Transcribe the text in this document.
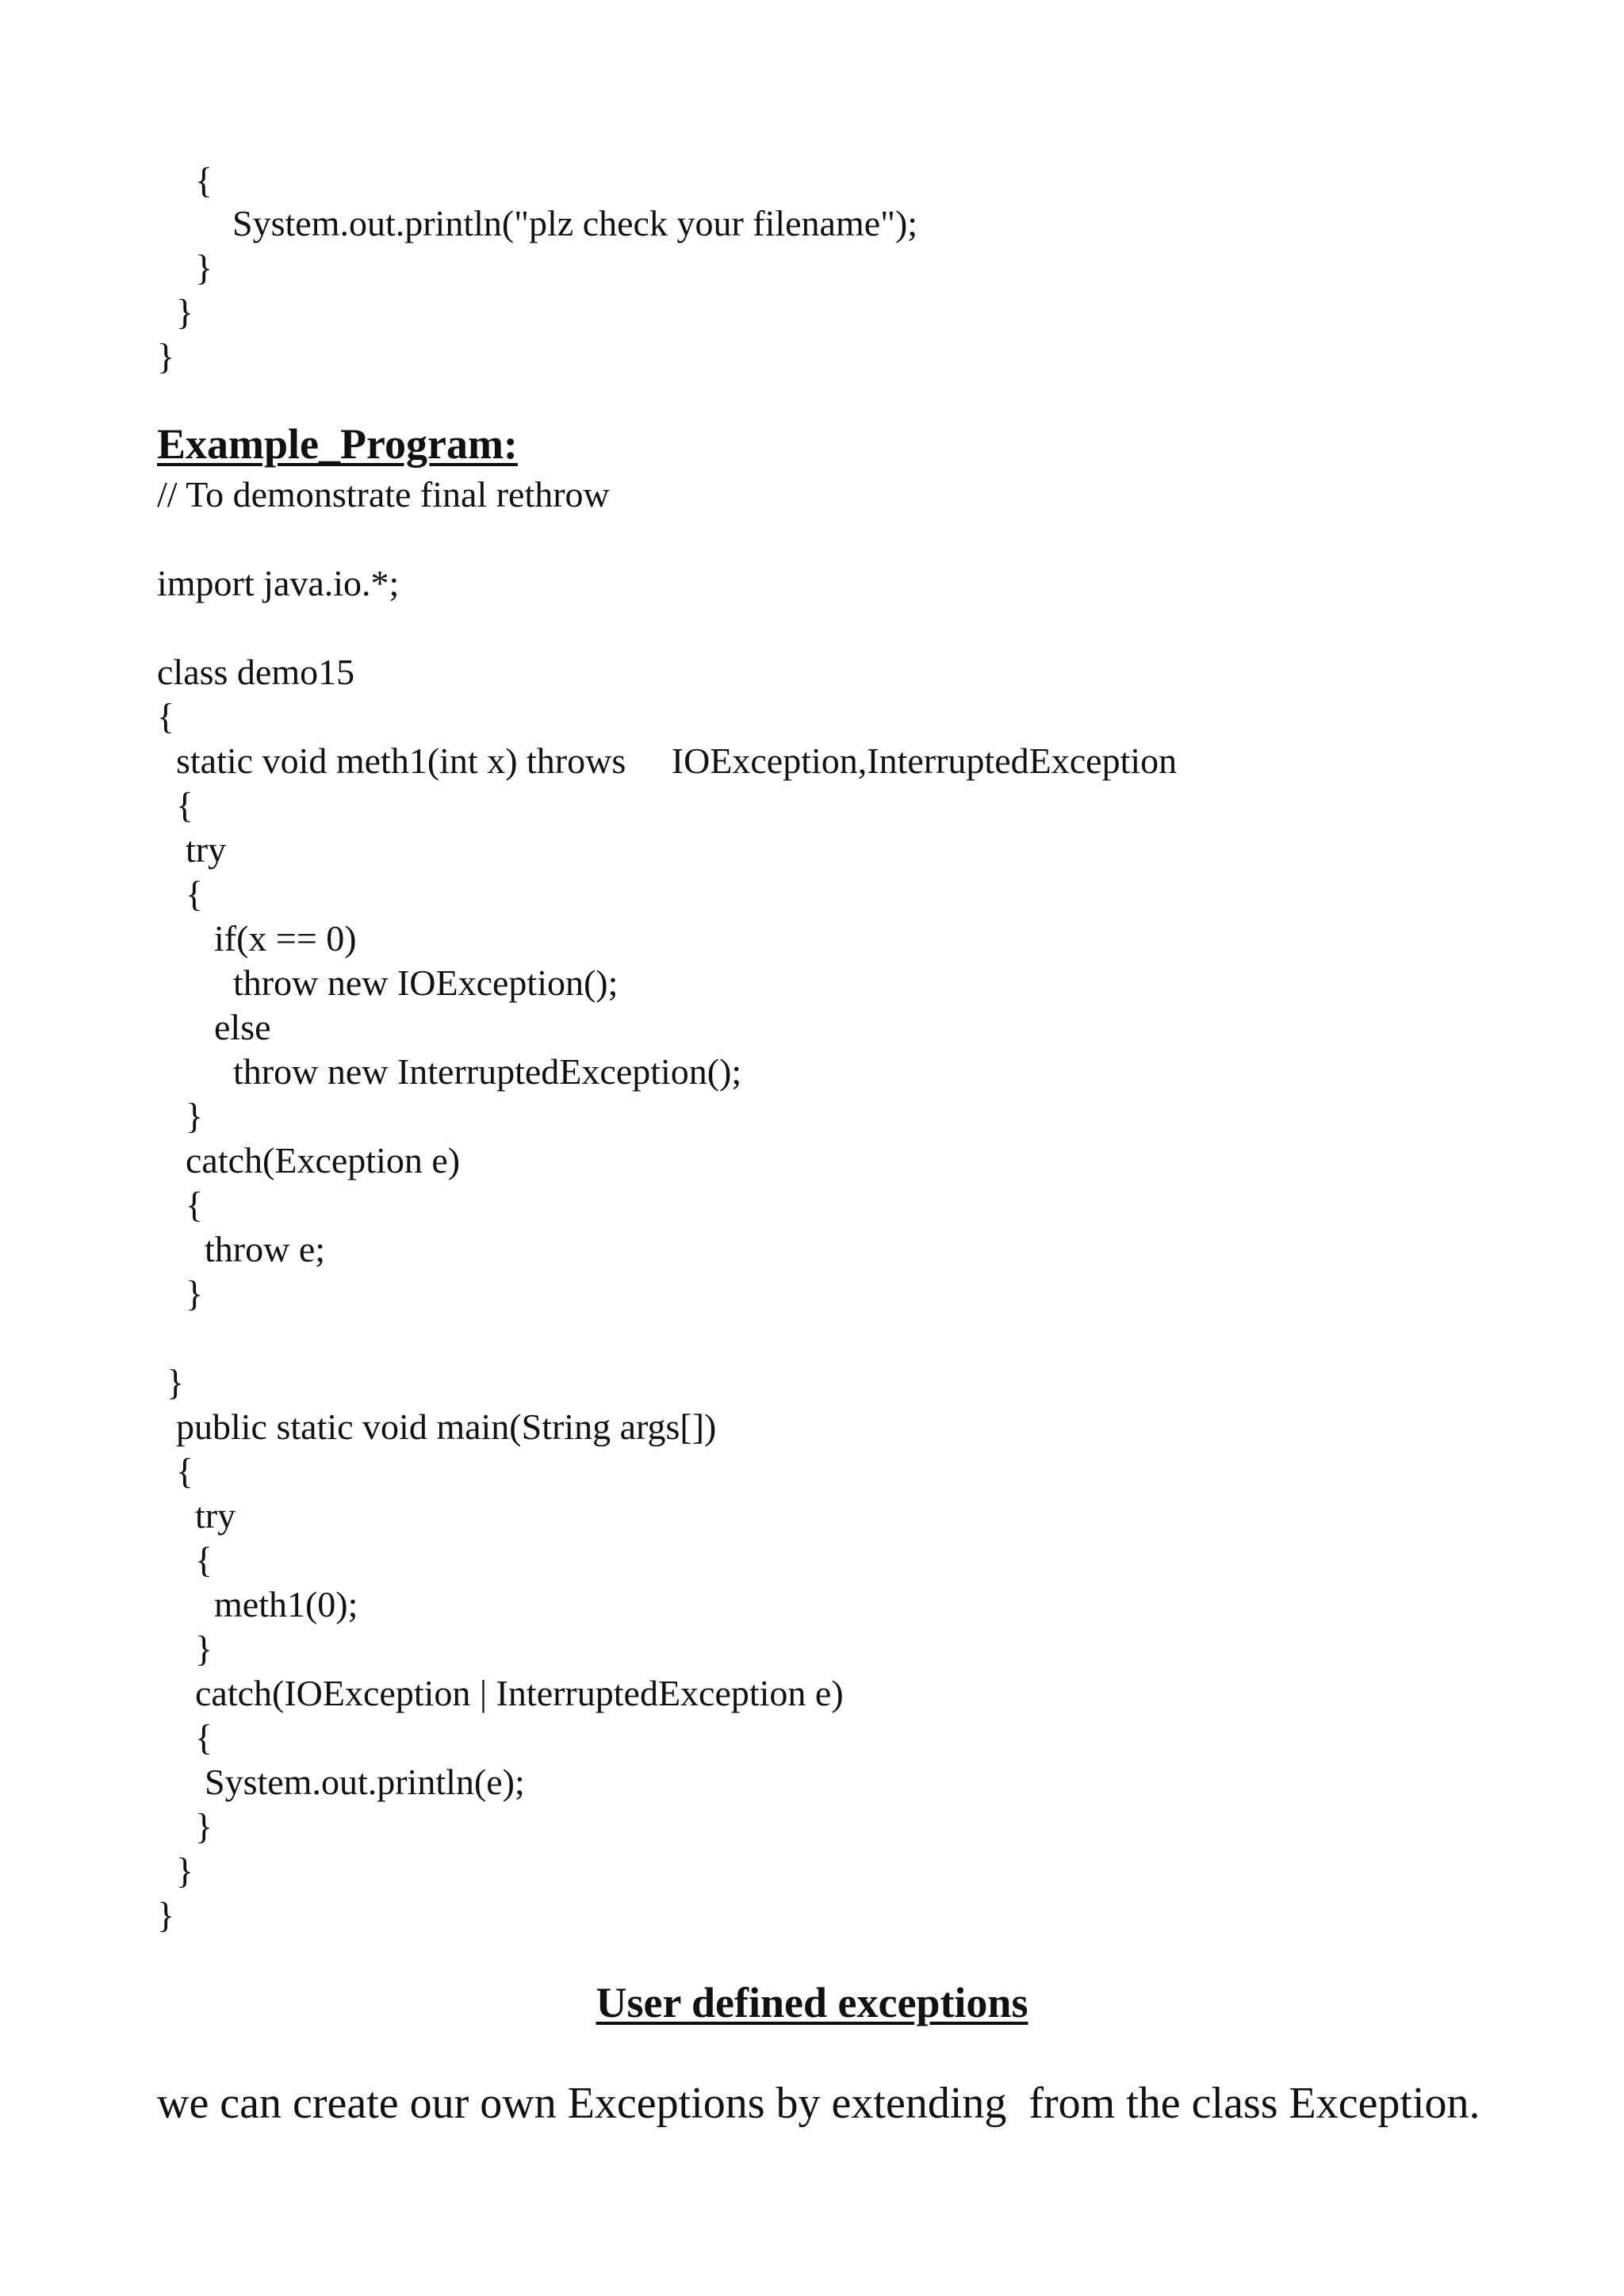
{
System.out.println("plz check your filename");
}
}
}
Example_Program:
// To demonstrate final rethrow
import java.io.*;
class demo15
{
static void meth1(int x) throws     IOException,InterruptedException
{
try
{
if(x == 0)
throw new IOException();
else
throw new InterruptedException();
}
catch(Exception e)
{
throw e;
}
}
public static void main(String args[])
{
try
{
meth1(0);
}
catch(IOException | InterruptedException e)
{
System.out.println(e);
}
}
}
User defined exceptions
we can create our own Exceptions by extending  from the class Exception.
